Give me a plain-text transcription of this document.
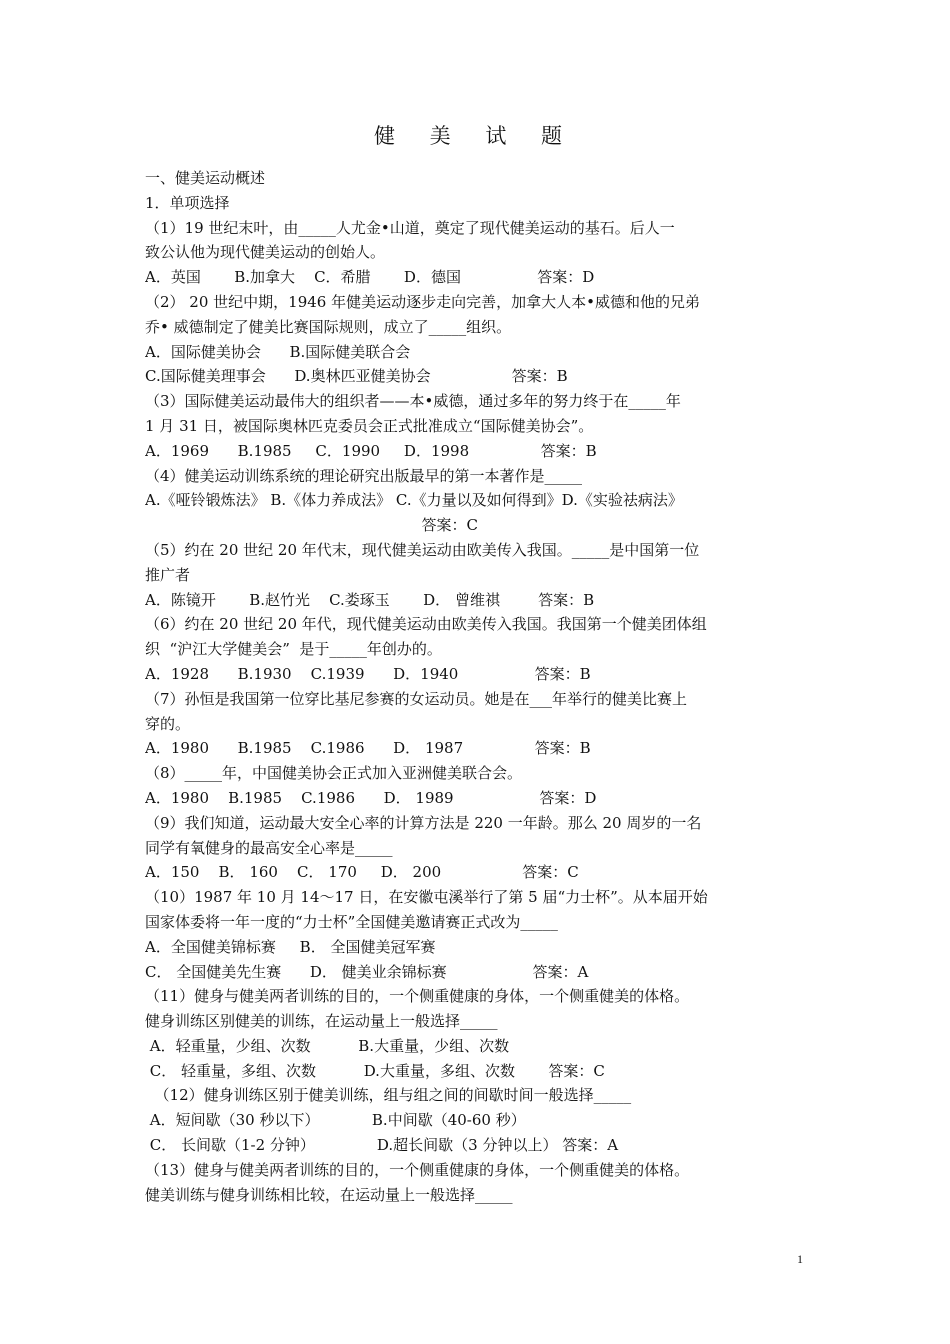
健 美 试 题
一、健美运动概述
1．单项选择
（1）19 世纪末叶，由_____人尤金•山道，奠定了现代健美运动的基石。后人一
致公认他为现代健美运动的创始人。
A．英国       B.加拿大    C．希腊       D．德国                答案：D
（2） 20 世纪中期，1946 年健美运动逐步走向完善，加拿大人本•威德和他的兄弟
乔• 威德制定了健美比赛国际规则，成立了_____组织。
A．国际健美协会      B.国际健美联合会
C.国际健美理事会      D.奥林匹亚健美协会                 答案：B
（3）国际健美运动最伟大的组织者——本•威德，通过多年的努力终于在_____年
1 月 31 日，被国际奥林匹克委员会正式批准成立“国际健美协会”。
A．1969      B.1985     C．1990     D．1998               答案：B
（4）健美运动训练系统的理论研究出版最早的第一本著作是_____
A.《哑铃锻炼法》 B.《体力养成法》 C.《力量以及如何得到》D.《实验祛病法》
答案：C
（5）约在 20 世纪 20 年代末，现代健美运动由欧美传入我国。_____是中国第一位
推广者
A．陈镜开       B.赵竹光    C.娄琢玉       D． 曾维祺        答案：B
（6）约在 20 世纪 20 年代，现代健美运动由欧美传入我国。我国第一个健美团体组
织  “沪江大学健美会”  是于_____年创办的。
A．1928      B.1930    C.1939      D．1940                答案：B
（7）孙恒是我国第一位穿比基尼参赛的女运动员。她是在___年举行的健美比赛上
穿的。
A．1980      B.1985    C.1986      D． 1987               答案：B
（8）_____年，中国健美协会正式加入亚洲健美联合会。
A．1980    B.1985    C.1986      D． 1989                  答案：D
（9）我们知道，运动最大安全心率的计算方法是 220 一年龄。那么 20 周岁的一名
同学有氧健身的最高安全心率是_____
A．150    B． 160    C． 170     D． 200                 答案：C
（10）1987 年 10 月 14～17 日，在安徽屯溪举行了第 5 届“力士杯”。从本届开始
国家体委将一年一度的“力士杯”全国健美邀请赛正式改为_____
A．全国健美锦标赛     B． 全国健美冠军赛
C． 全国健美先生赛      D． 健美业余锦标赛                  答案：A
（11）健身与健美两者训练的目的，一个侧重健康的身体，一个侧重健美的体格。
健身训练区别健美的训练，在运动量上一般选择_____
A．轻重量，少组、次数          B.大重量，少组、次数
C． 轻重量，多组、次数          D.大重量，多组、次数       答案：C
（12）健身训练区别于健美训练，组与组之间的间歇时间一般选择_____
A．短间歇（30 秒以下）           B.中间歇（40-60 秒）
C． 长间歇（1-2 分钟）             D.超长间歇（3 分钟以上） 答案：A
（13）健身与健美两者训练的目的，一个侧重健康的身体，一个侧重健美的体格。
健美训练与健身训练相比较，在运动量上一般选择_____
1
